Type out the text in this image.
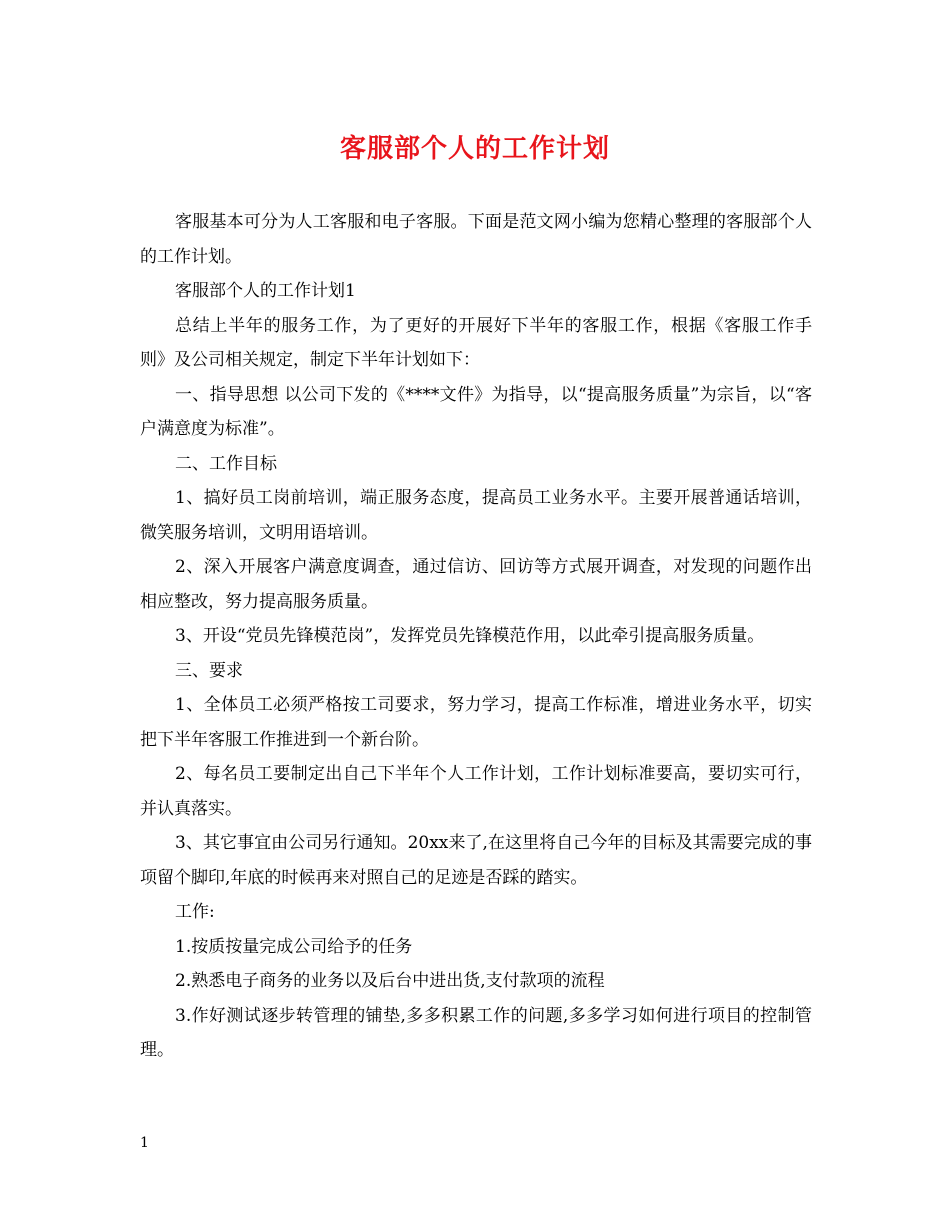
客服部个人的工作计划

客服基本可分为人工客服和电子客服。下面是范文网小编为您精心整理的客服部个人的工作计划。

客服部个人的工作计划1

总结上半年的服务工作，为了更好的开展好下半年的客服工作，根据《客服工作手则》及公司相关规定，制定下半年计划如下：

一、指导思想 以公司下发的《****文件》为指导，以“提高服务质量”为宗旨，以“客户满意度为标准”。

二、工作目标

1、搞好员工岗前培训，端正服务态度，提高员工业务水平。主要开展普通话培训，微笑服务培训，文明用语培训。

2、深入开展客户满意度调查，通过信访、回访等方式展开调查，对发现的问题作出相应整改，努力提高服务质量。

3、开设“党员先锋模范岗”，发挥党员先锋模范作用，以此牵引提高服务质量。

三、要求

1、全体员工必须严格按工司要求，努力学习，提高工作标准，增进业务水平，切实把下半年客服工作推进到一个新台阶。

2、每名员工要制定出自己下半年个人工作计划，工作计划标准要高，要切实可行，并认真落实。

3、其它事宜由公司另行通知。20xx来了,在这里将自己今年的目标及其需要完成的事项留个脚印,年底的时候再来对照自己的足迹是否踩的踏实。

工作:

1.按质按量完成公司给予的任务

2.熟悉电子商务的业务以及后台中进出货,支付款项的流程

3.作好测试逐步转管理的铺垫,多多积累工作的问题,多多学习如何进行项目的控制管理。

1
